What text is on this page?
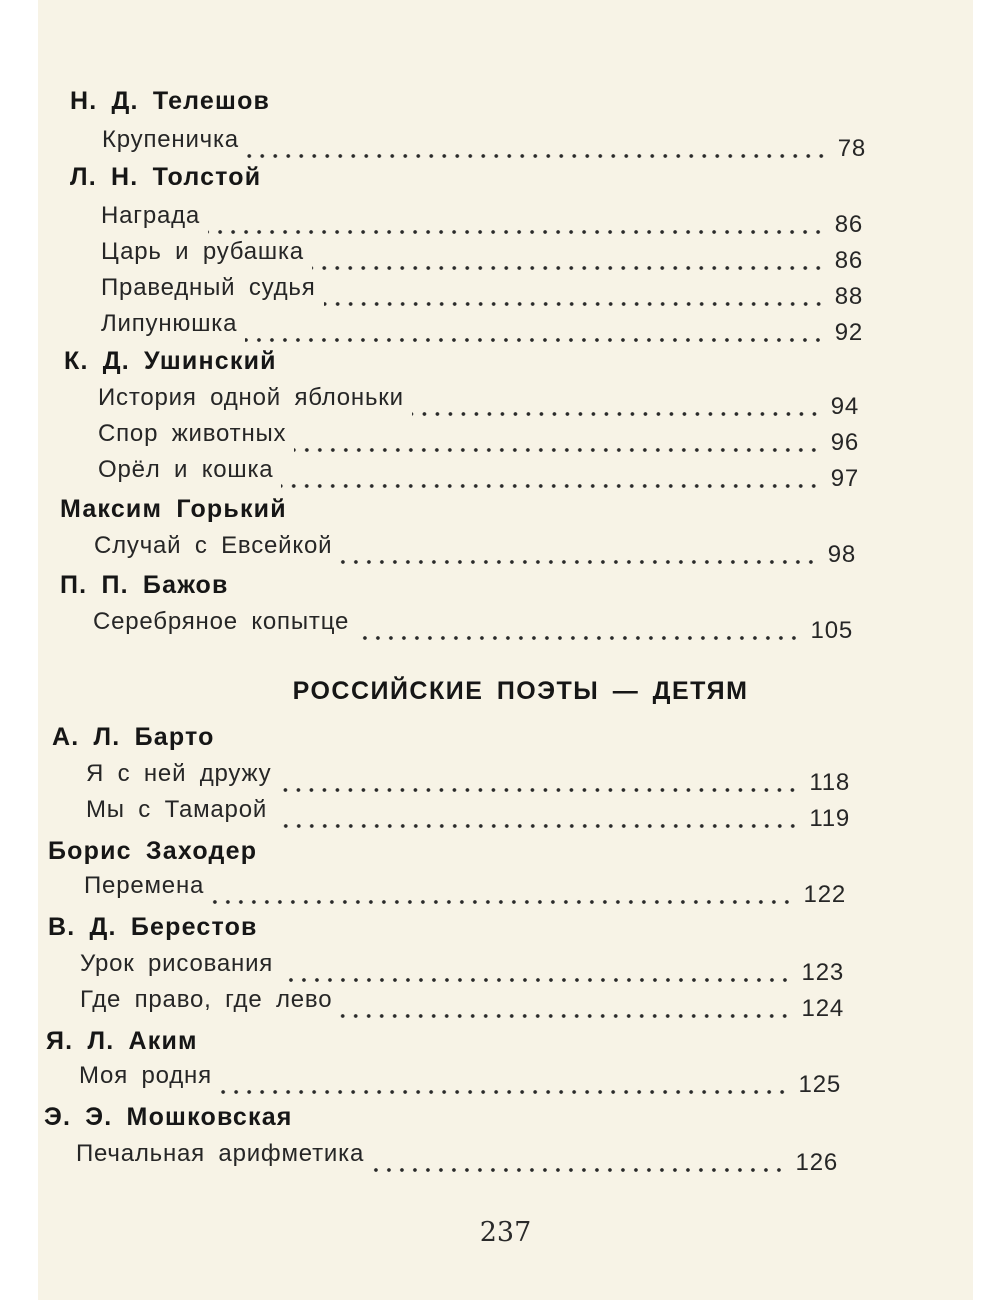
Н. Д. Телешов
Крупеничка	78
Л. Н. Толстой
Награда	86
Царь и рубашка	86
Праведный судья	88
Липунюшка	92
К. Д. Ушинский
История одной яблоньки	94
Спор животных	96
Орёл и кошка	97
Максим Горький
Случай с Евсейкой	98
П. П. Бажов
Серебряное копытце	105
РОССИЙСКИЕ ПОЭТЫ — ДЕТЯМ
А. Л. Барто
Я с ней дружу	118
Мы с Тамарой	119
Борис Заходер
Перемена	122
В. Д. Берестов
Урок рисования	123
Где право, где лево	124
Я. Л. Аким
Моя родня	125
Э. Э. Мошковская
Печальная арифметика	126
237
